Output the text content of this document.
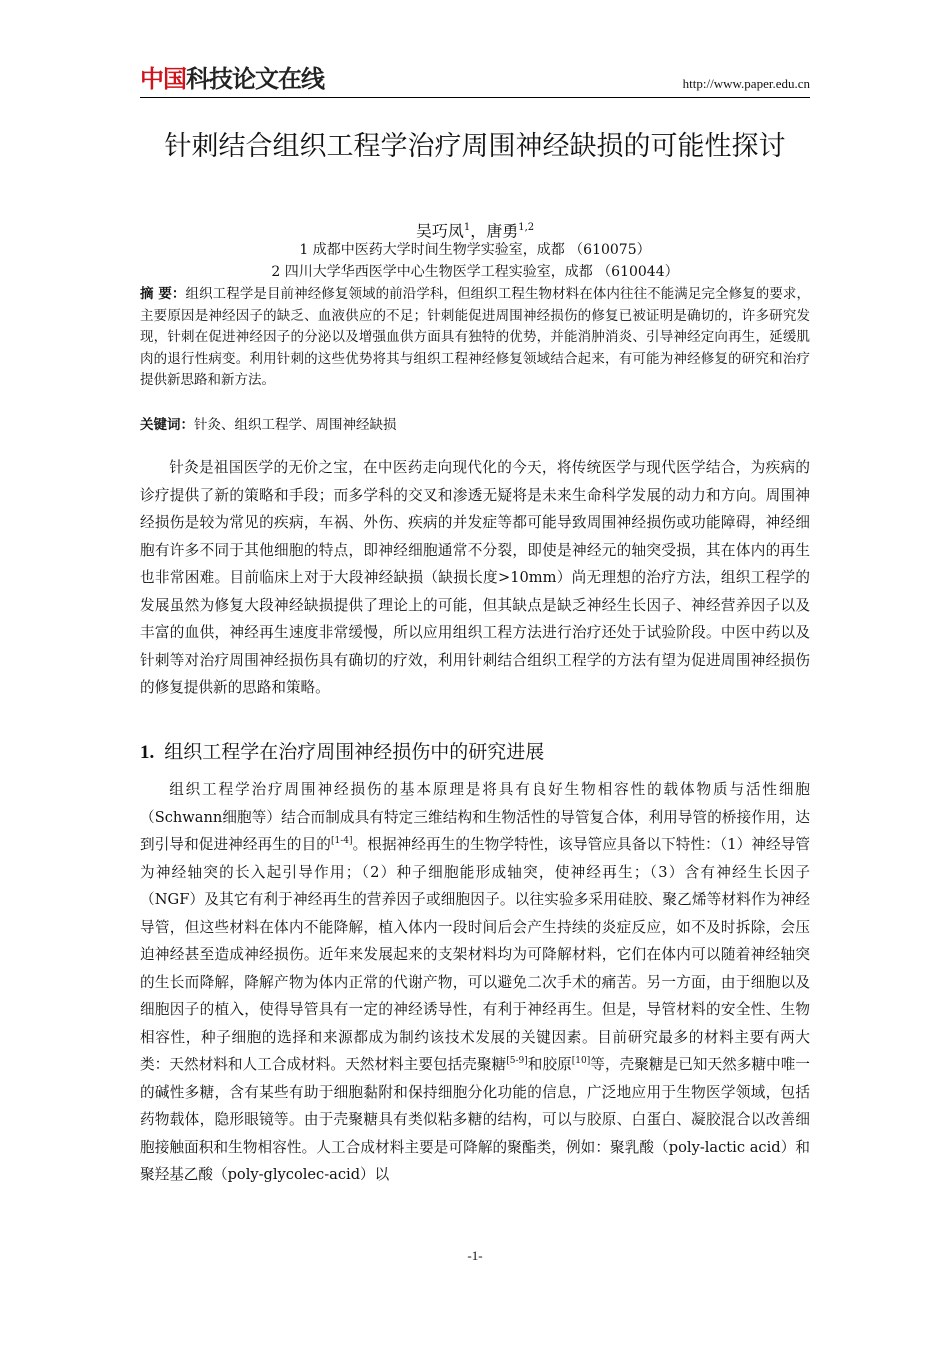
中国 科技论文在线	http://www.paper.edu.cn
针刺结合组织工程学治疗周围神经缺损的可能性探讨
吴巧凤$^1$，唐勇$^{1,2}$
1 成都中医药大学时间生物学实验室，成都 （610075）
2 四川大学华西医学中心生物医学工程实验室，成都 （610044）
摘 要：组织工程学是目前神经修复领域的前沿学科，但组织工程生物材料在体内往往不能满足完全修复的要求，主要原因是神经因子的缺乏、血液供应的不足；针刺能促进周围神经损伤的修复已被证明是确切的，许多研究发现，针刺在促进神经因子的分泌以及增强血供方面具有独特的优势，并能消肿消炎、引导神经定向再生，延缓肌肉的退行性病变。利用针刺的这些优势将其与组织工程神经修复领域结合起来，有可能为神经修复的研究和治疗提供新思路和新方法。
关键词：针灸、组织工程学、周围神经缺损
针灸是祖国医学的无价之宝，在中医药走向现代化的今天，将传统医学与现代医学结合，为疾病的诊疗提供了新的策略和手段；而多学科的交叉和渗透无疑将是未来生命科学发展的动力和方向。周围神经损伤是较为常见的疾病，车祸、外伤、疾病的并发症等都可能导致周围神经损伤或功能障碍，神经细胞有许多不同于其他细胞的特点，即神经细胞通常不分裂，即使是神经元的轴突受损，其在体内的再生也非常困难。目前临床上对于大段神经缺损（缺损长度>10mm）尚无理想的治疗方法，组织工程学的发展虽然为修复大段神经缺损提供了理论上的可能，但其缺点是缺乏神经生长因子、神经营养因子以及丰富的血供，神经再生速度非常缓慢，所以应用组织工程方法进行治疗还处于试验阶段。中医中药以及针刺等对治疗周围神经损伤具有确切的疗效，利用针刺结合组织工程学的方法有望为促进周围神经损伤的修复提供新的思路和策略。
1. 组织工程学在治疗周围神经损伤中的研究进展
组织工程学治疗周围神经损伤的基本原理是将具有良好生物相容性的载体物质与活性细胞（Schwann细胞等）结合而制成具有特定三维结构和生物活性的导管复合体，利用导管的桥接作用，达到引导和促进神经再生的目的[1-4]。根据神经再生的生物学特性，该导管应具备以下特性：（1）神经导管为神经轴突的长入起引导作用；（2）种子细胞能形成轴突，使神经再生；（3）含有神经生长因子（NGF）及其它有利于神经再生的营养因子或细胞因子。以往实验多采用硅胶、聚乙烯等材料作为神经导管，但这些材料在体内不能降解，植入体内一段时间后会产生持续的炎症反应，如不及时拆除，会压迫神经甚至造成神经损伤。近年来发展起来的支架材料均为可降解材料，它们在体内可以随着神经轴突的生长而降解，降解产物为体内正常的代谢产物，可以避免二次手术的痛苦。另一方面，由于细胞以及细胞因子的植入，使得导管具有一定的神经诱导性，有利于神经再生。但是，导管材料的安全性、生物相容性，种子细胞的选择和来源都成为制约该技术发展的关键因素。目前研究最多的材料主要有两大类：天然材料和人工合成材料。天然材料主要包括壳聚糖[5-9]和胶原[10]等，壳聚糖是已知天然多糖中唯一的碱性多糖，含有某些有助于细胞黏附和保持细胞分化功能的信息，广泛地应用于生物医学领域，包括药物载体，隐形眼镜等。由于壳聚糖具有类似粘多糖的结构，可以与胶原、白蛋白、凝胶混合以改善细胞接触面积和生物相容性。人工合成材料主要是可降解的聚酯类，例如：聚乳酸（poly-lactic acid）和聚羟基乙酸（poly-glycolec-acid）以
-1-
